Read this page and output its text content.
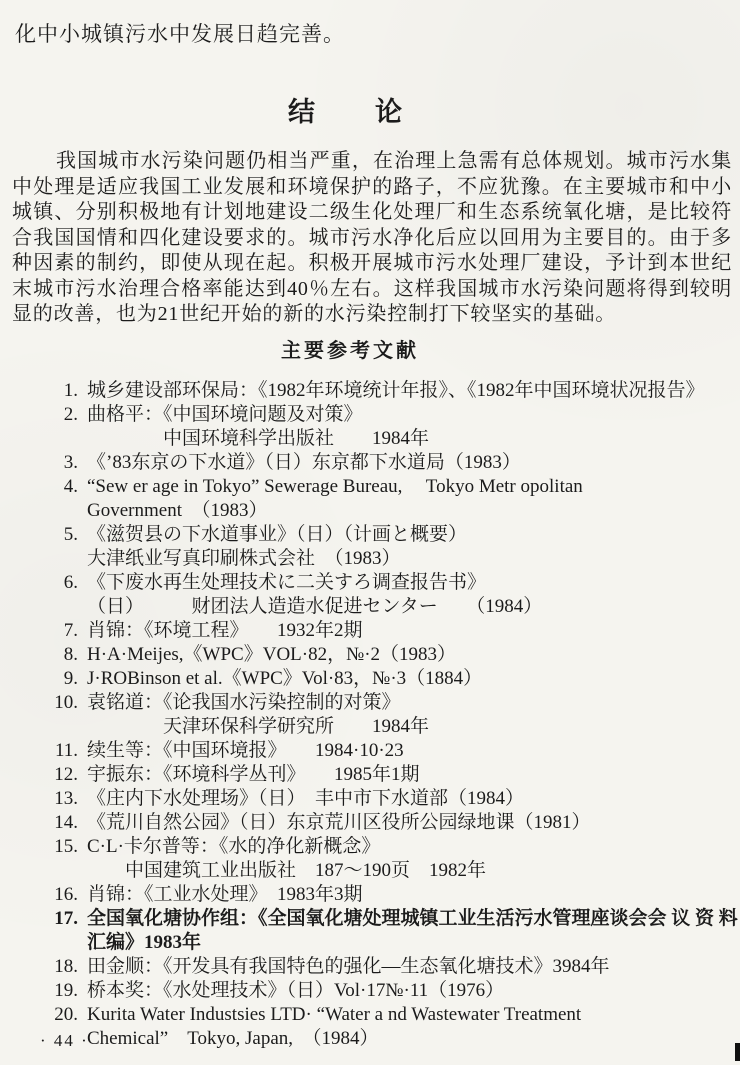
化中小城镇污水中发展日趋完善。
结　　论

我国城市水污染问题仍相当严重，在治理上急需有总体规划。城市污水集中处理是适应我国工业发展和环境保护的路子，不应犹豫。在主要城市和中小城镇、分别积极地有计划地建设二级生化处理厂和生态系统氧化塘，是比较符合我国国情和四化建设要求的。城市污水净化后应以回用为主要目的。由于多种因素的制约，即使从现在起。积极开展城市污水处理厂建设，予计到本世纪末城市污水治理合格率能达到40％左右。这样我国城市水污染问题将得到较明显的改善，也为21世纪开始的新的水污染控制打下较坚实的基础。

主要参考文献
1. 城乡建设部环保局：《1982年环境统计年报》、《1982年中国环境状况报告》
2. 曲格平：《中国环境问题及对策》
　　　　中国环境科学出版社　　1984年
3. 《’83东京の下水道》（日）东京都下水道局（1983）
4. “Sew er age in Tokyo” Sewerage Bureau,　 Tokyo Metr opolitan
Government　（1983）
5. 《滋贺县の下水道事业》（日）（计画と概要）
大津纸业写真印刷株式会社　（1983）
6. 《下废水再生处理技术に二关すろ调查报告书》
（日）　　　财团法人造造水促进センター　　（1984）
7. 肖锦：《环境工程》　　1932年2期
8. H·A·Meijes,《WPC》VOL·82，№·2（1983）
9. J·ROBinson et al.《WPC》Vol·83，№·3（1884）
10. 袁铭道：《论我国水污染控制的对策》
　　　　天津环保科学研究所　　1984年
11. 续生等：《中国环境报》　　1984·10·23
12. 宇振东：《环境科学丛刊》　　1985年1期
13. 《庄内下水处理场》（日）　丰中市下水道部（1984）
14. 《荒川自然公园》（日）东京荒川区役所公园绿地课（1981）
15. C·L·卡尔普等：《水的净化新概念》
　　中国建筑工业出版社　187～190页　1982年
16. 肖锦：《工业水处理》　1983年3期
17. 全国氧化塘协作组：《全国氧化塘处理城镇工业生活污水管理座谈会会 议 资 料 汇编》1983年
18. 田金顺：《开发具有我国特色的强化—生态氧化塘技术》3984年
19. 桥本奖：《水处理技术》（日）Vol·17№·11（1976）
20. Kurita Water Industsies LTD· “Water a nd Wastewater Treatment
Chemical”　Tokyo, Japan,　（1984）
· 44 ·
